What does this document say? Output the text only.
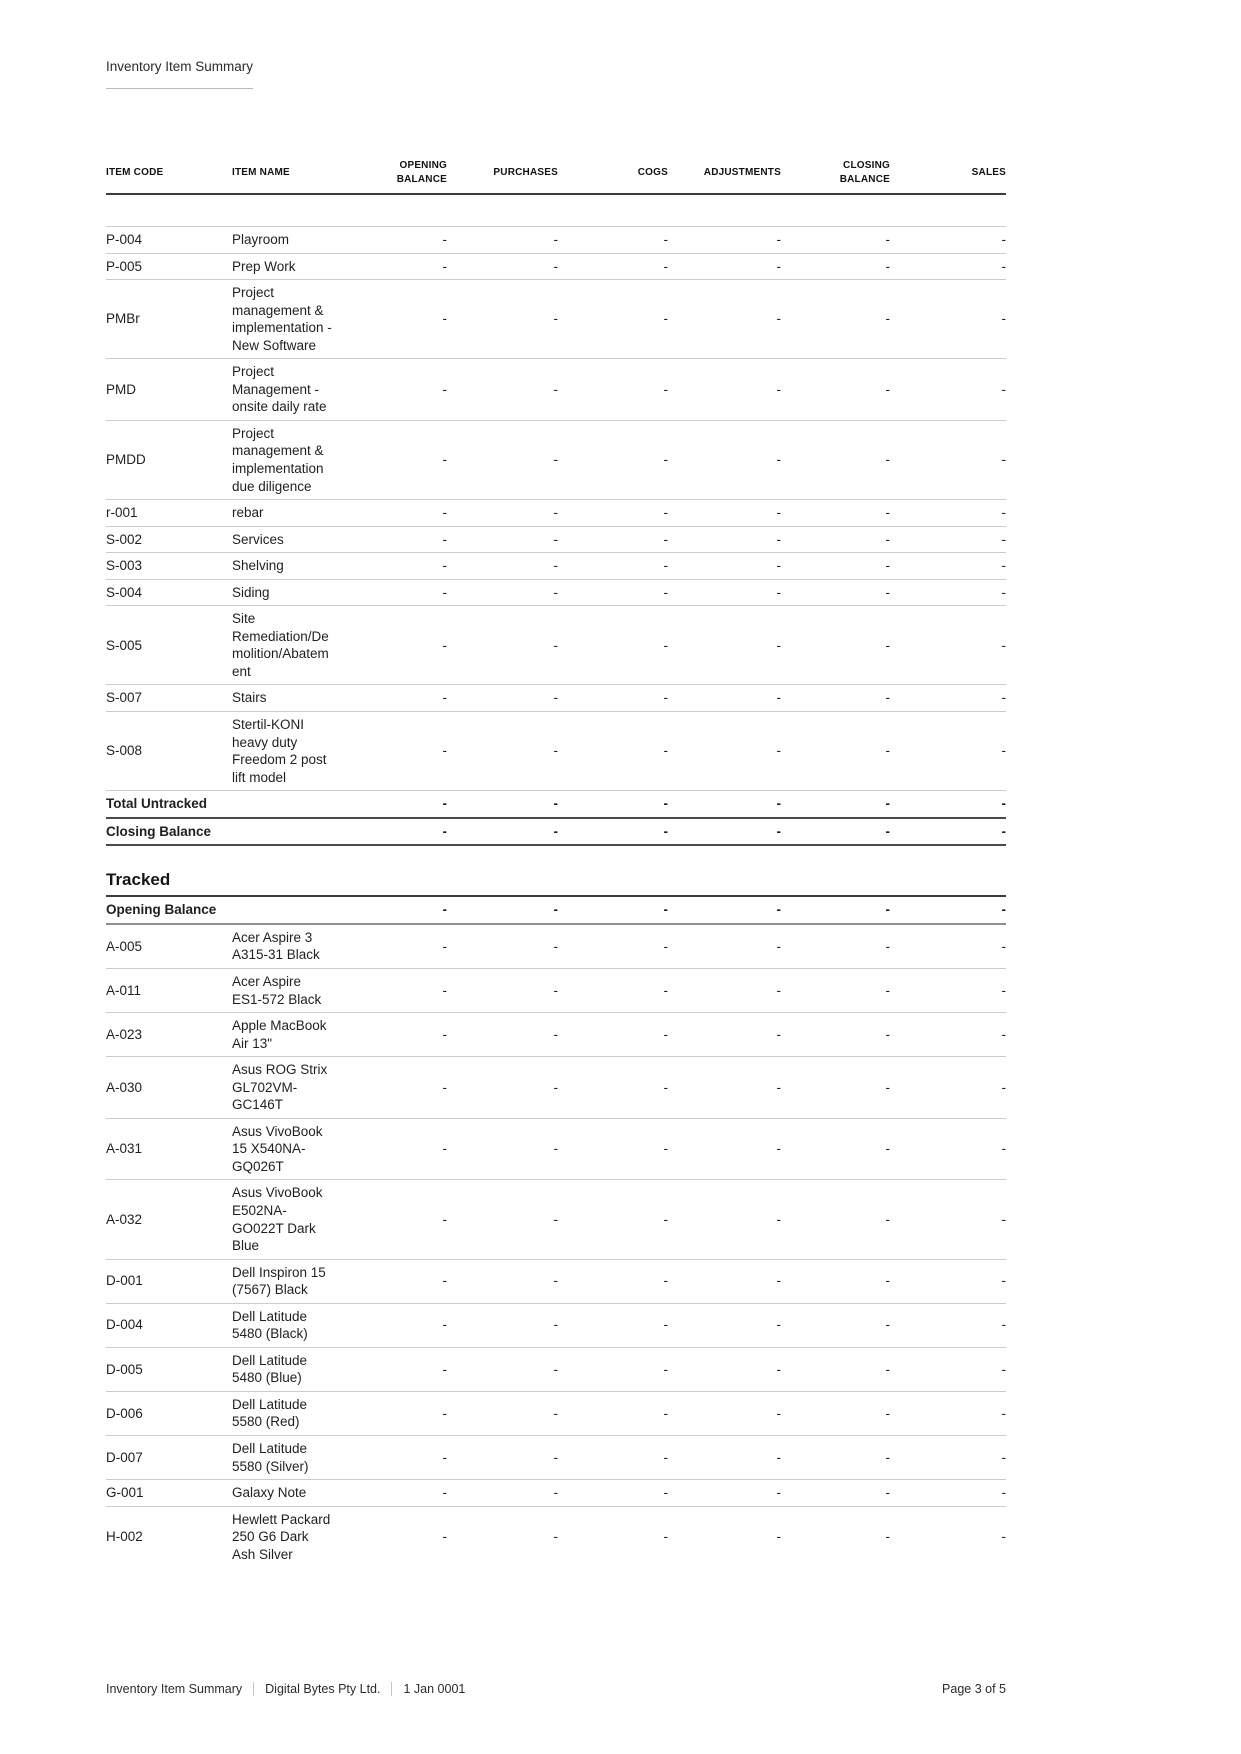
Inventory Item Summary
ITEM CODE	ITEM NAME	OPENING BALANCE	PURCHASES	COGS	ADJUSTMENTS	CLOSING BALANCE	SALES

P-004	Playroom	-	-	-	-	-	-
P-005	Prep Work	-	-	-	-	-	-
PMBr	Project management & implementation - New Software	-	-	-	-	-	-
PMD	Project Management - onsite daily rate	-	-	-	-	-	-
PMDD	Project management & implementation due diligence	-	-	-	-	-	-
r-001	rebar	-	-	-	-	-	-
S-002	Services	-	-	-	-	-	-
S-003	Shelving	-	-	-	-	-	-
S-004	Siding	-	-	-	-	-	-
S-005	Site Remediation/Demolition/Abatement	-	-	-	-	-	-
S-007	Stairs	-	-	-	-	-	-
S-008	Stertil-KONI heavy duty Freedom 2 post lift model	-	-	-	-	-	-
Total Untracked		-	-	-	-	-	-
Closing Balance		-	-	-	-	-	-
Tracked
Opening Balance		-	-	-	-	-	-
A-005	Acer Aspire 3 A315-31 Black	-	-	-	-	-	-
A-011	Acer Aspire ES1-572 Black	-	-	-	-	-	-
A-023	Apple MacBook Air 13"	-	-	-	-	-	-
A-030	Asus ROG Strix GL702VM-GC146T	-	-	-	-	-	-
A-031	Asus VivoBook 15 X540NA-GQ026T	-	-	-	-	-	-
A-032	Asus VivoBook E502NA-GO022T Dark Blue	-	-	-	-	-	-
D-001	Dell Inspiron 15 (7567) Black	-	-	-	-	-	-
D-004	Dell Latitude 5480 (Black)	-	-	-	-	-	-
D-005	Dell Latitude 5480 (Blue)	-	-	-	-	-	-
D-006	Dell Latitude 5580 (Red)	-	-	-	-	-	-
D-007	Dell Latitude 5580 (Silver)	-	-	-	-	-	-
G-001	Galaxy Note	-	-	-	-	-	-
H-002	Hewlett Packard 250 G6 Dark Ash Silver	-	-	-	-	-	-
Inventory Item Summary Digital Bytes Pty Ltd. 1 Jan 0001	Page 3 of 5
